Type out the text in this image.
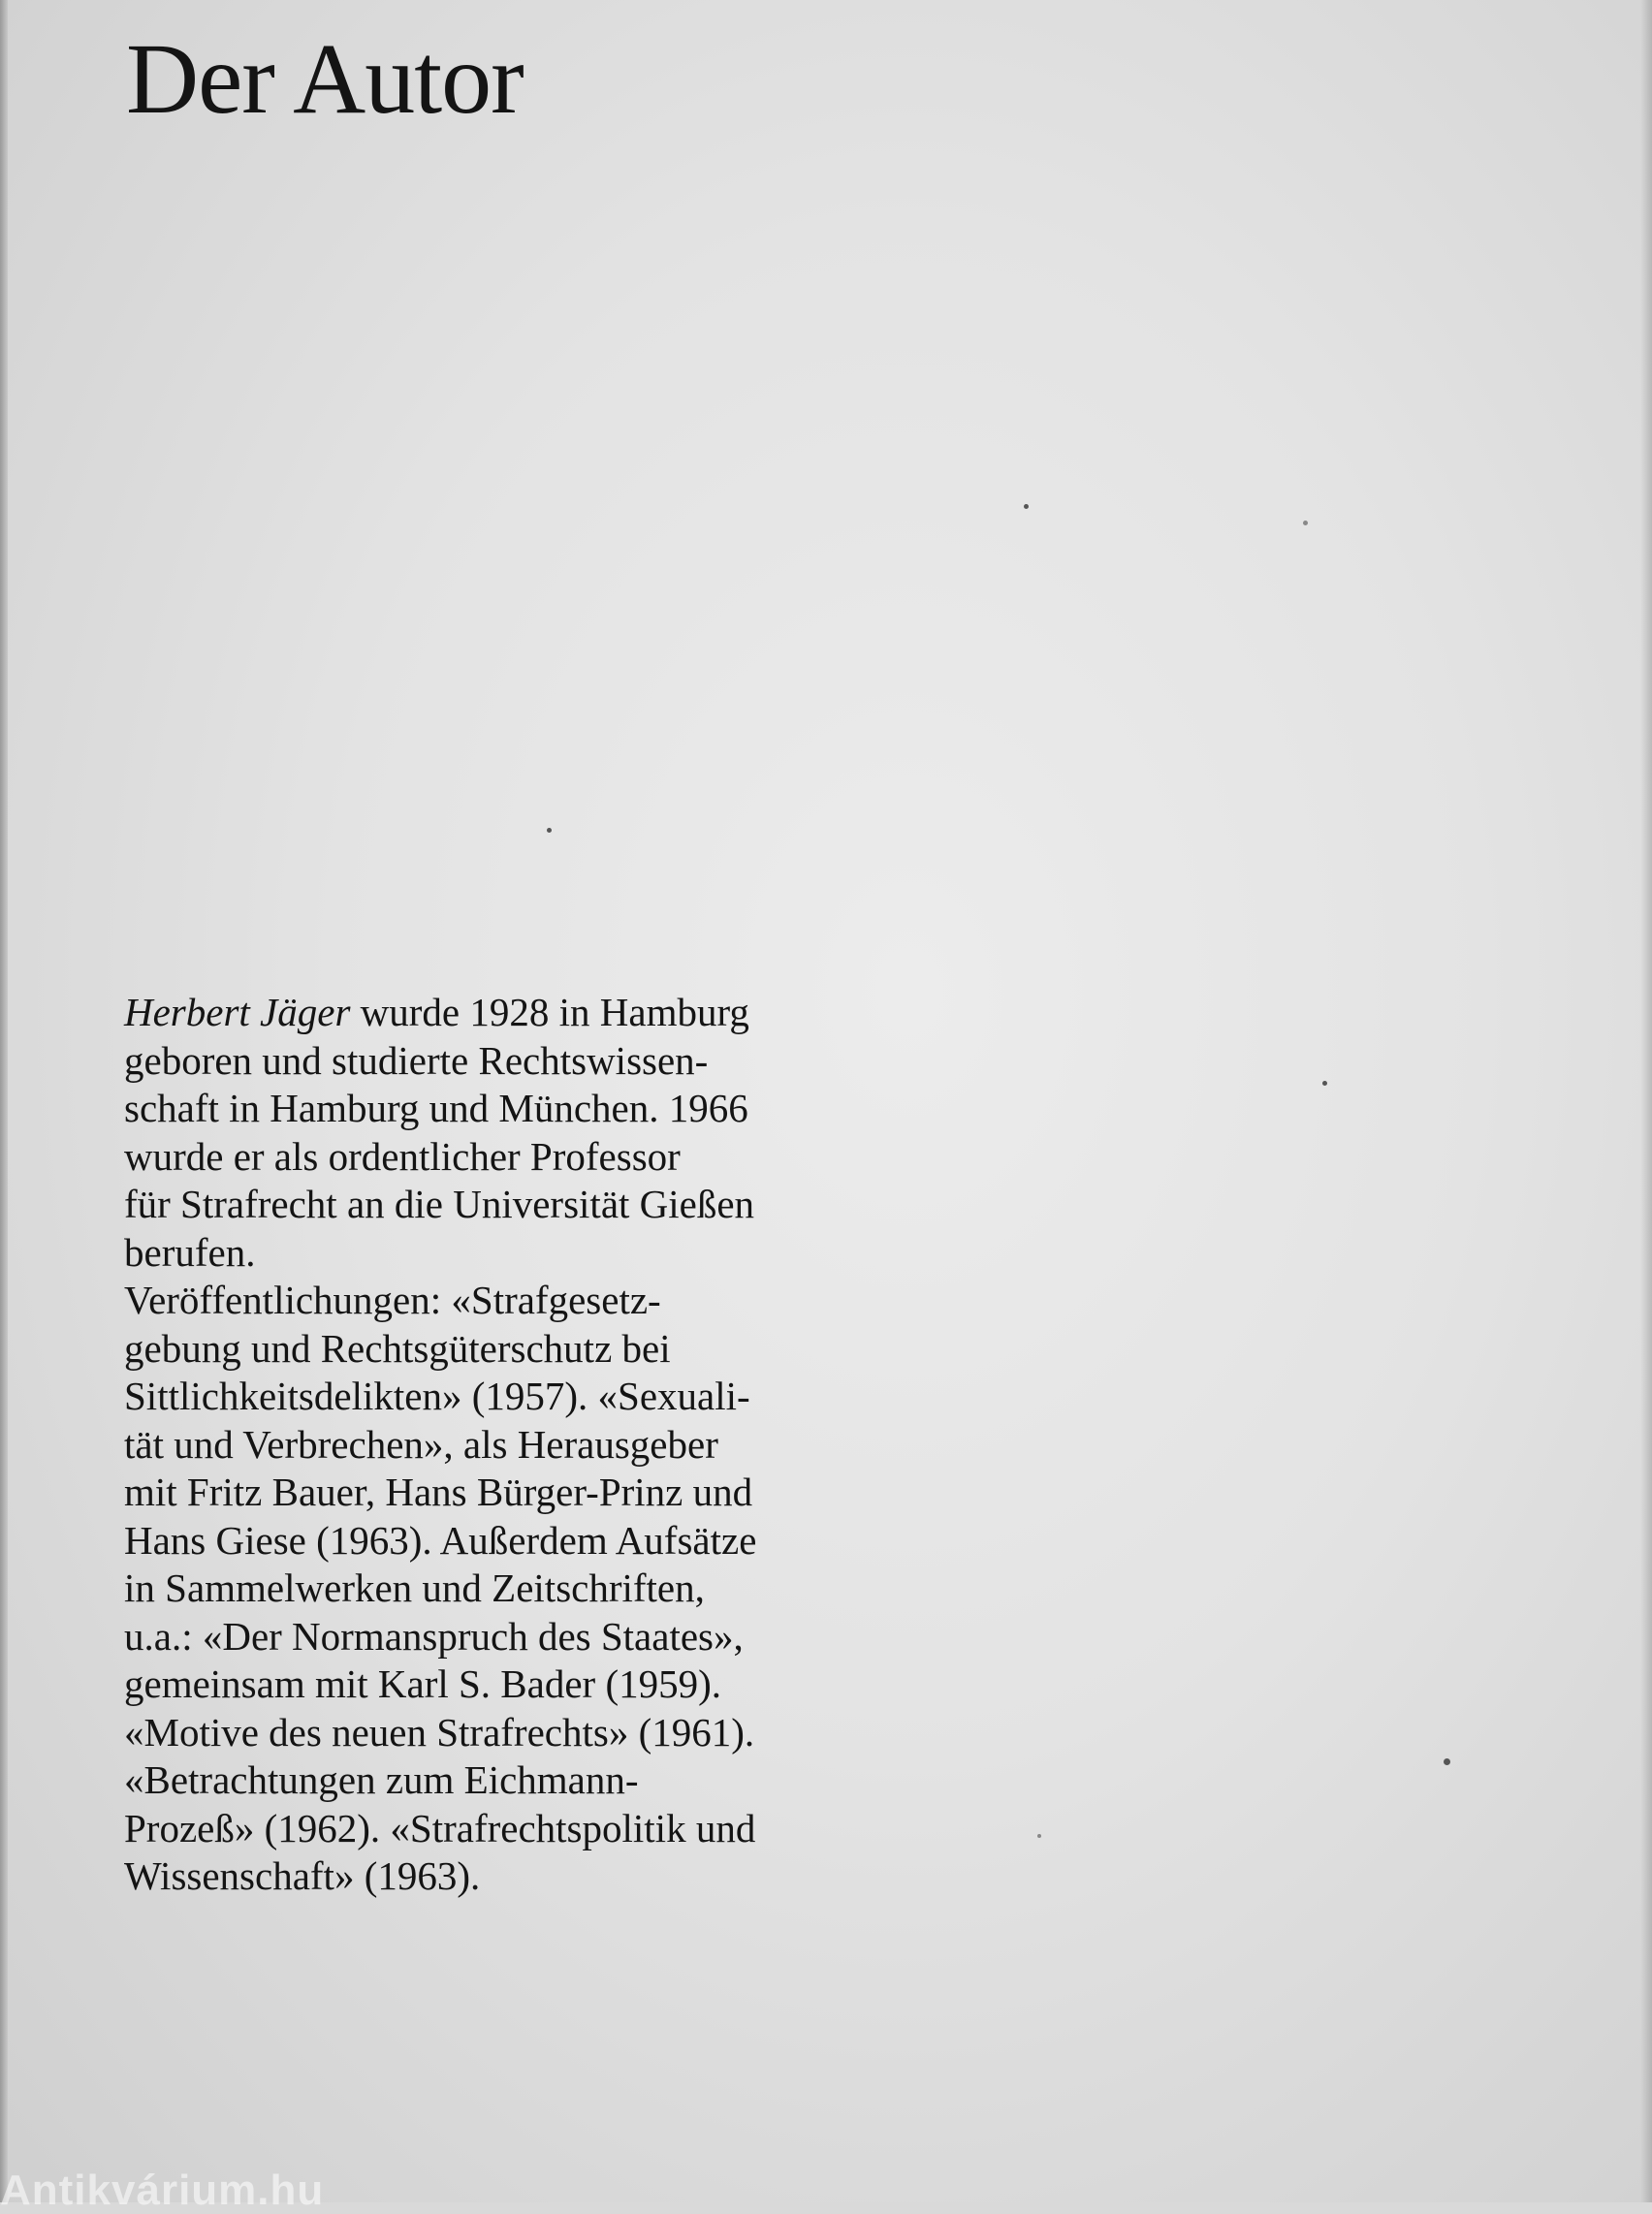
Der Autor

Herbert Jäger wurde 1928 in Hamburg
geboren und studierte Rechtswissen-
schaft in Hamburg und München. 1966
wurde er als ordentlicher Professor
für Strafrecht an die Universität Gießen
berufen.
Veröffentlichungen: «Strafgesetz-
gebung und Rechtsgüterschutz bei
Sittlichkeitsdelikten» (1957). «Sexuali-
tät und Verbrechen», als Herausgeber
mit Fritz Bauer, Hans Bürger-Prinz und
Hans Giese (1963). Außerdem Aufsätze
in Sammelwerken und Zeitschriften,
u.a.: «Der Normanspruch des Staates»,
gemeinsam mit Karl S. Bader (1959).
«Motive des neuen Strafrechts» (1961).
«Betrachtungen zum Eichmann-
Prozeß» (1962). «Strafrechtspolitik und
Wissenschaft» (1963).

Antikvárium.hu
